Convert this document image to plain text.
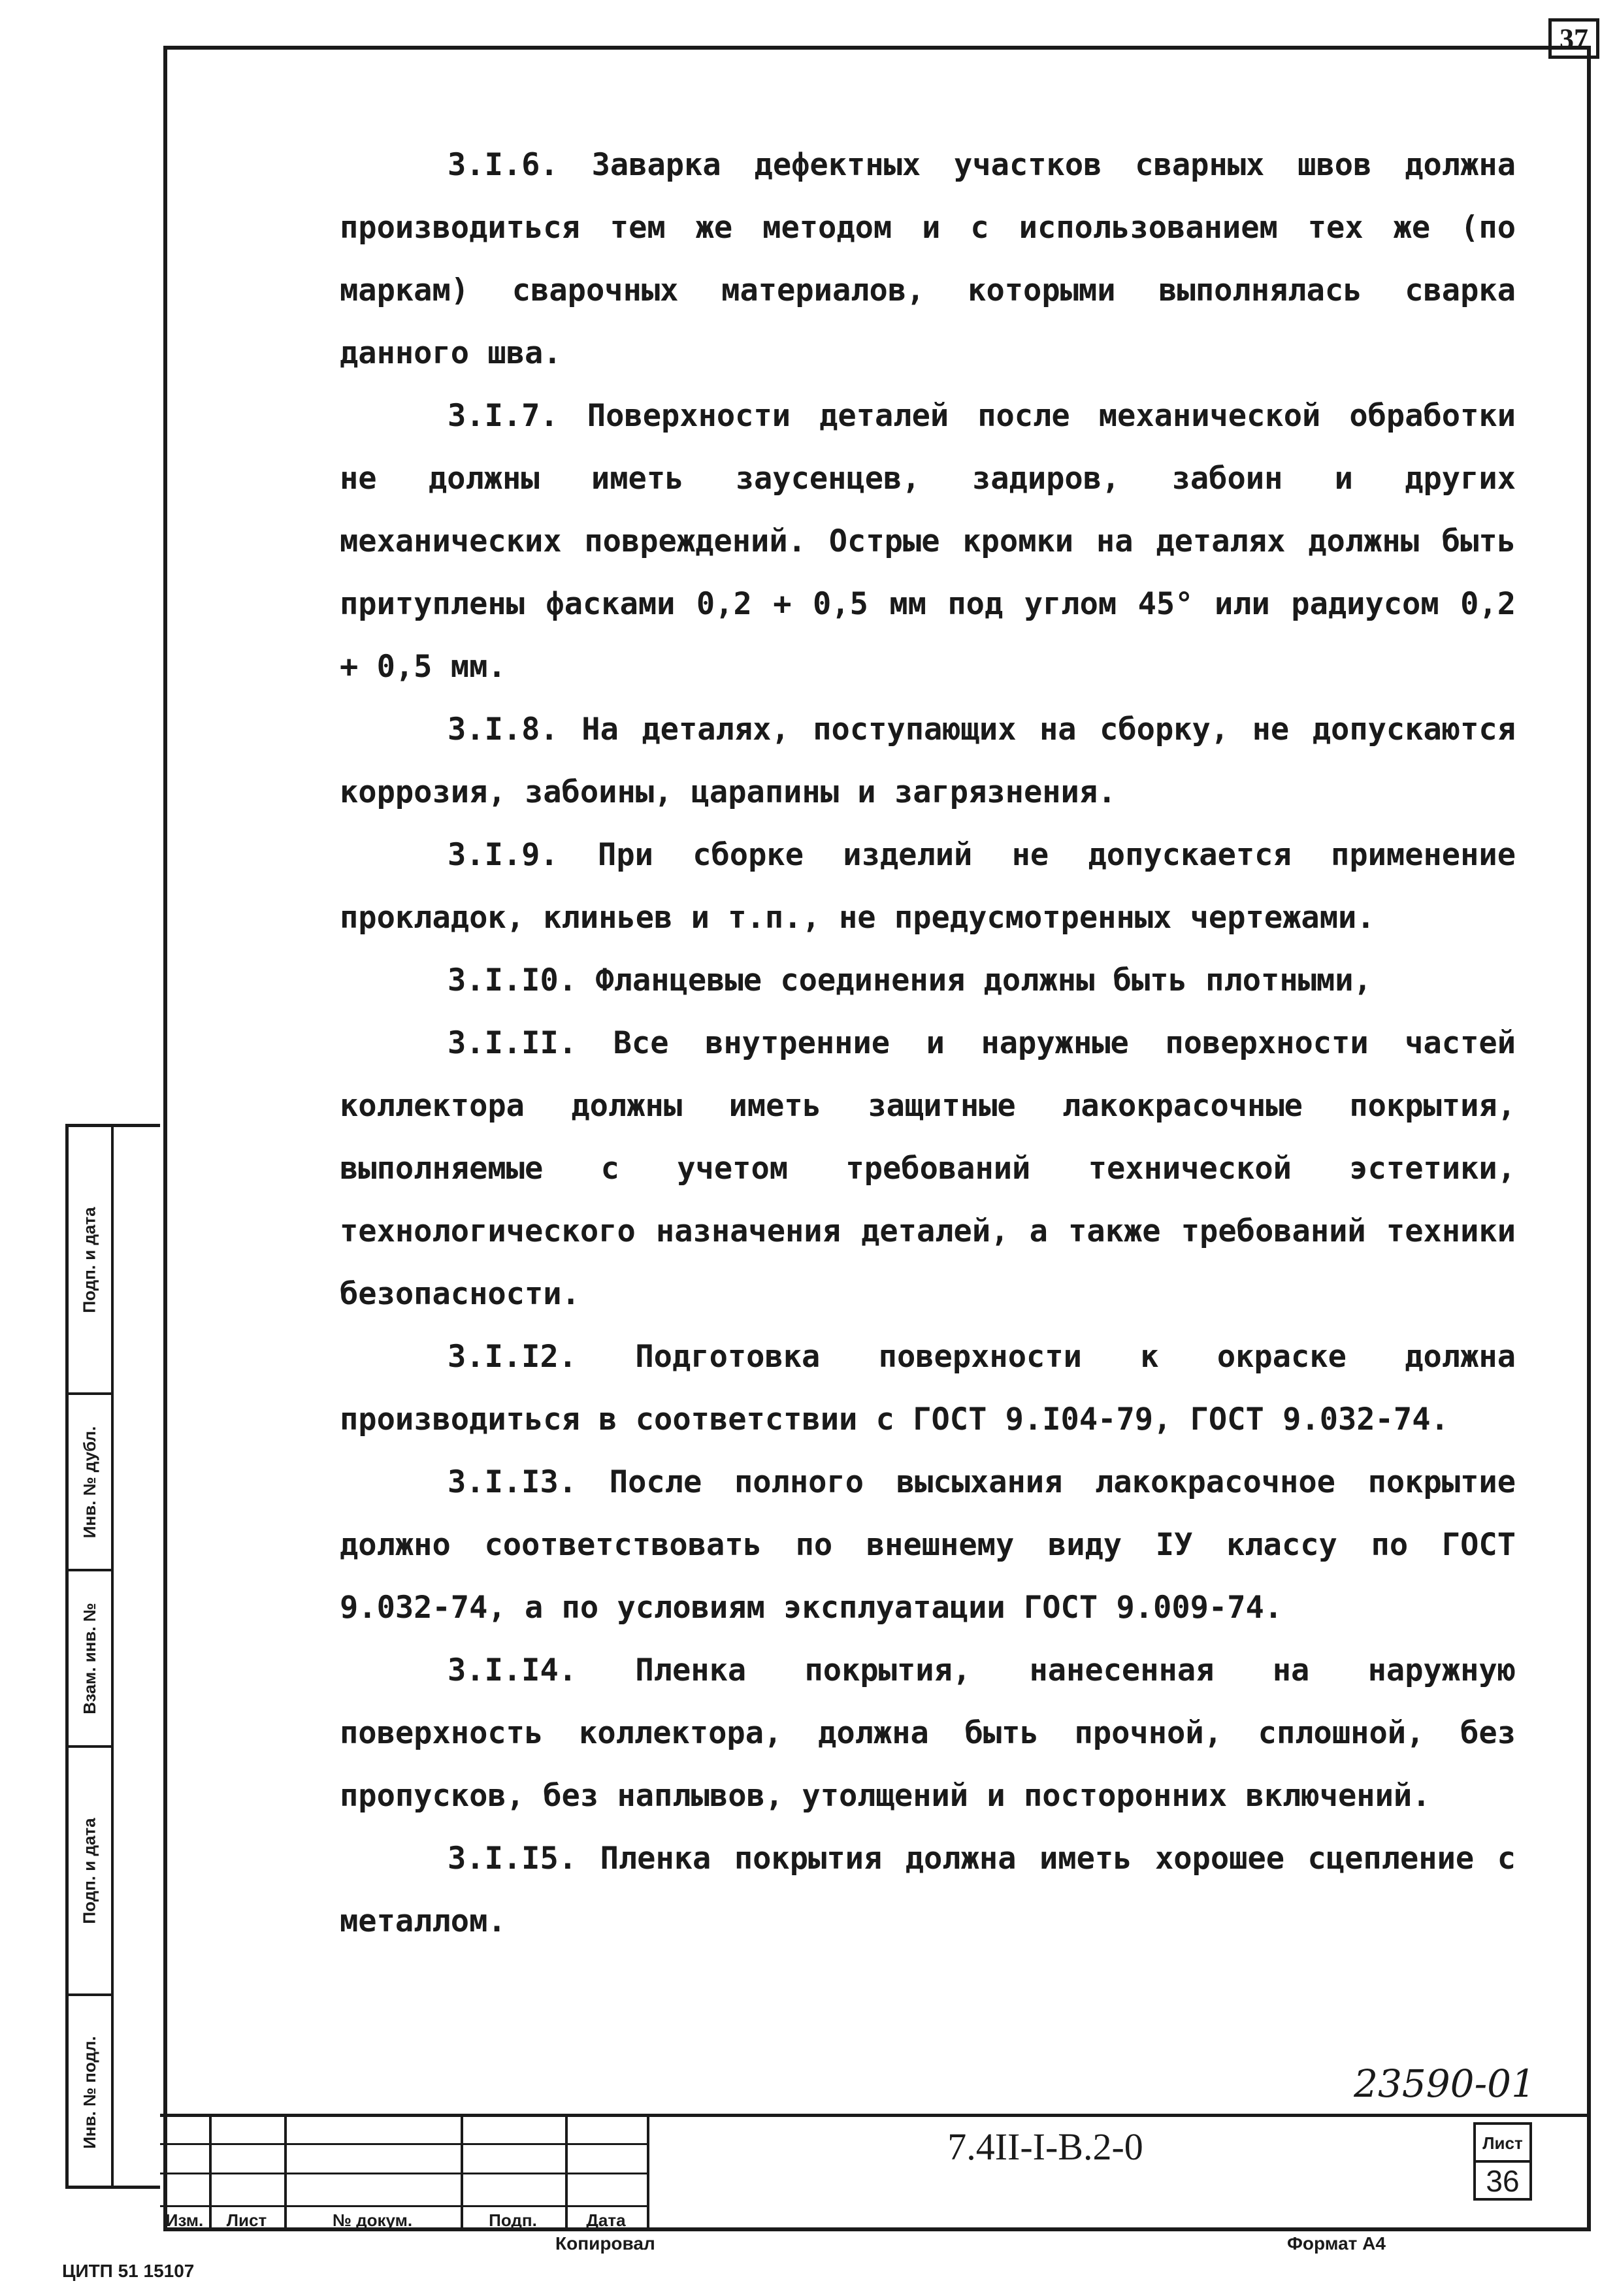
37

3.I.6. Заварка дефектных участков сварных швов должна производиться тем же методом и с использованием тех же (по маркам) сварочных материалов, которыми выполнялась сварка данного шва.

3.I.7. Поверхности деталей после механической обработки не должны иметь заусенцев, задиров, забоин и других механических повреждений. Острые кромки на деталях должны быть притуплены фасками 0,2 + 0,5 мм под углом 45° или радиусом 0,2 + 0,5 мм.

3.I.8. На деталях, поступающих на сборку, не допускаются коррозия, забоины, царапины и загрязнения.

3.I.9. При сборке изделий не допускается применение прокладок, клиньев и т.п., не предусмотренных чертежами.

3.I.I0. Фланцевые соединения должны быть плотными,

3.I.II. Все внутренние и наружные поверхности частей коллектора должны иметь защитные лакокрасочные покрытия, выполняемые с учетом требований технической эстетики, технологического назначения деталей, а также требований техники безопасности.

3.I.I2. Подготовка поверхности к окраске должна производиться в соответствии с ГОСТ 9.I04-79, ГОСТ 9.032-74.

3.I.I3. После полного высыхания лакокрасочное покрытие должно соответствовать по внешнему виду IУ классу по ГОСТ 9.032-74, а по условиям эксплуатации ГОСТ 9.009-74.

3.I.I4. Пленка покрытия, нанесенная на наружную поверхность коллектора, должна быть прочной, сплошной, без пропусков, без наплывов, утолщений и посторонних включений.

3.I.I5. Пленка покрытия должна иметь хорошее сцепление с металлом.

Подп. и дата
Инв. № дубл.
Взам. инв. №
Подп. и дата
Инв. № подл.	23590-01
Изм.	Лист	№ докум.	Подп.	Дата
7.4II-I-В.2-0	Лист
36
Копировал	Формат А4
ЦИТП 51 15107
